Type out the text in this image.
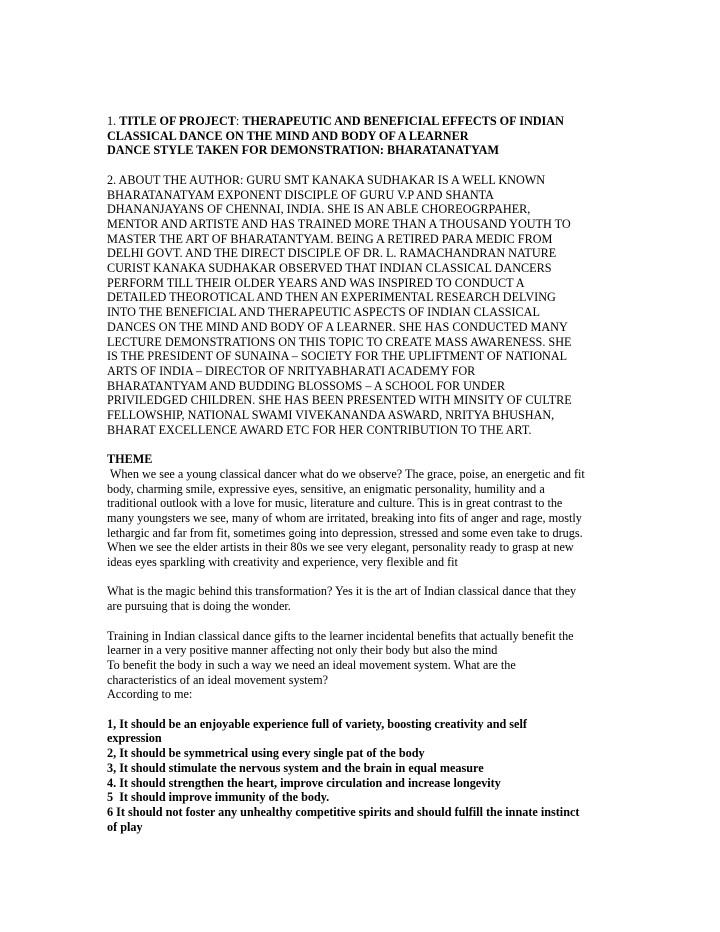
1. TITLE OF PROJECT: THERAPEUTIC AND BENEFICIAL EFFECTS OF INDIAN

CLASSICAL DANCE ON THE MIND AND BODY OF A LEARNER

DANCE STYLE TAKEN FOR DEMONSTRATION: BHARATANATYAM

2. ABOUT THE AUTHOR: GURU SMT KANAKA SUDHAKAR IS A WELL KNOWN

BHARATANATYAM EXPONENT DISCIPLE OF GURU V.P AND SHANTA

DHANANJAYANS OF CHENNAI, INDIA. SHE IS AN ABLE CHOREOGRPAHER,

MENTOR AND ARTISTE AND HAS TRAINED MORE THAN A THOUSAND YOUTH TO

MASTER THE ART OF BHARATANTYAM. BEING A RETIRED PARA MEDIC FROM

DELHI GOVT. AND THE DIRECT DISCIPLE OF DR. L. RAMACHANDRAN NATURE

CURIST KANAKA SUDHAKAR OBSERVED THAT INDIAN CLASSICAL DANCERS

PERFORM TILL THEIR OLDER YEARS AND WAS INSPIRED TO CONDUCT A

DETAILED THEOROTICAL AND THEN AN EXPERIMENTAL RESEARCH DELVING

INTO THE BENEFICIAL AND THERAPEUTIC ASPECTS OF INDIAN CLASSICAL

DANCES ON THE MIND AND BODY OF A LEARNER. SHE HAS CONDUCTED MANY

LECTURE DEMONSTRATIONS ON THIS TOPIC TO CREATE MASS AWARENESS. SHE

IS THE PRESIDENT OF SUNAINA – SOCIETY FOR THE UPLIFTMENT OF NATIONAL

ARTS OF INDIA – DIRECTOR OF NRITYABHARATI ACADEMY FOR

BHARATANTYAM AND BUDDING BLOSSOMS – A SCHOOL FOR UNDER

PRIVILEDGED CHILDREN. SHE HAS BEEN PRESENTED WITH MINSITY OF CULTRE

FELLOWSHIP, NATIONAL SWAMI VIVEKANANDA ASWARD, NRITYA BHUSHAN,

BHARAT EXCELLENCE AWARD ETC FOR HER CONTRIBUTION TO THE ART.

THEME

When we see a young classical dancer what do we observe? The grace, poise, an energetic and fit

body, charming smile, expressive eyes, sensitive, an enigmatic personality, humility and a

traditional outlook with a love for music, literature and culture. This is in great contrast to the

many youngsters we see, many of whom are irritated, breaking into fits of anger and rage, mostly

lethargic and far from fit, sometimes going into depression, stressed and some even take to drugs.

When we see the elder artists in their 80s we see very elegant, personality ready to grasp at new

ideas eyes sparkling with creativity and experience, very flexible and fit

What is the magic behind this transformation? Yes it is the art of Indian classical dance that they

are pursuing that is doing the wonder.

Training in Indian classical dance gifts to the learner incidental benefits that actually benefit the

learner in a very positive manner affecting not only their body but also the mind

To benefit the body in such a way we need an ideal movement system. What are the

characteristics of an ideal movement system?

According to me:

1, It should be an enjoyable experience full of variety, boosting creativity and self

expression

2, It should be symmetrical using every single pat of the body

3, It should stimulate the nervous system and the brain in equal measure

4. It should strengthen the heart, improve circulation and increase longevity

5  It should improve immunity of the body.

6 It should not foster any unhealthy competitive spirits and should fulfill the innate instinct

of play
